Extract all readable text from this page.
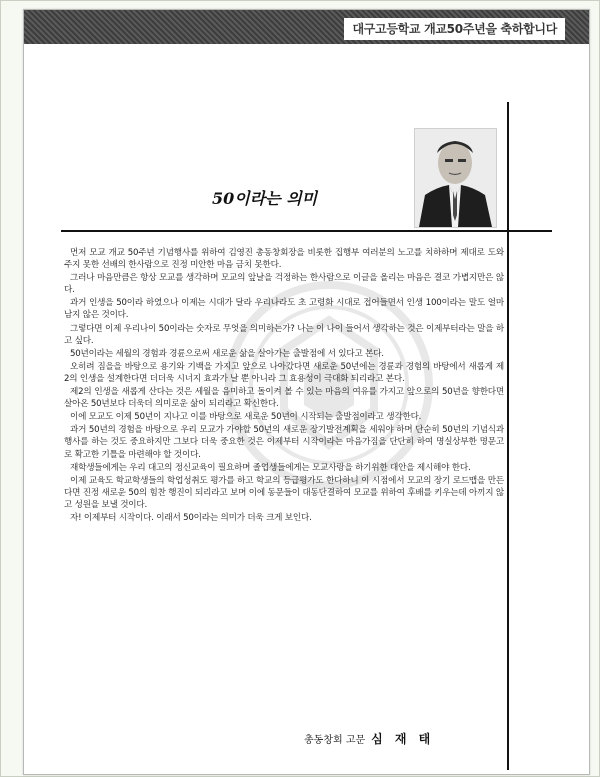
대구고등학교 개교50주년을 축하합니다
50이라는 의미

먼저 모교 개교 50주년 기념행사를 위하여 김영진 총동창회장을 비롯한 집행부 여러분의 노고를 치하하며 제대로 도와주지 못한 선배의 한사람으로 진정 미안한 마음 금치 못한다.

그러나 마음만큼은 항상 모교를 생각하며 모교의 앞날을 걱정하는 한사람으로 이글을 올리는 마음은 결코 가볍지만은 않다.

과거 인생을 50이라 하였으나 이제는 시대가 달라 우리나라도 초 고령화 시대로 접어들면서 인생 100이라는 말도 얼마 남지 않은 것이다.

그렇다면 이제 우리나이 50이라는 숫자로 무엇을 의미하는가? 나는 이 나이 들어서 생각하는 것은 이제부터라는 말을 하고 싶다.

50년이라는 세월의 경험과 경륜으로써 새로운 삶을 살아가는 출발점에 서 있다고 본다.

오히려 짐을을 바탕으로 용기와 기백을 가지고 앞으로 나아갔다면 새로운 50년에는 경륜과 경험의 바탕에서 새롭게 제 2의 인생을 설계한다면 더더욱 시너지 효과가 날 뿐 아니라 그 효용성이 극대화 되리라고 본다.

제2의 인생을 새롭게 산다는 것은 세월을 음미하고 돌이켜 볼 수 있는 마음의 여유를 가지고 앞으로의 50년을 향한다면 살아온 50년보다 더욱더 의미로운 삶이 되리라고 확신한다.

이에 모교도 이제 50년이 지나고 이를 바탕으로 새로운 50년이 시작되는 출발점이라고 생각한다.

과거 50년의 경험을 바탕으로 우리 모교가 가야할 50년의 새로운 장기발전계획을 세워야 하며 단순히 50년의 기념식과 행사를 하는 것도 중요하지만 그보다 더욱 중요한 것은 이제부터 시작이라는 마음가짐을 단단히 하여 명실상부한 명문고로 확고한 기틀을 마련해야 할 것이다.

재학생들에게는 우리 대고의 정신교육이 필요하며 졸업생들에게는 모교사랑을 하기위한 대안을 제시해야 한다.

이제 교육도 학교학생들의 학업성취도 평가를 하고 학교의 등급평가도 한다하니 이 시점에서 모교의 장기 로드맵을 만든다면 진정 새로운 50의 힘찬 행진이 되리라고 보며 이에 동문들이 대동단결하여 모교를 위하여 후배를 키우는데 아끼지 않고 성원을 보낼 것이다.

자! 이제부터 시작이다. 이래서 50이라는 의미가 더욱 크게 보인다.

총동창회 고문 심 재 태
